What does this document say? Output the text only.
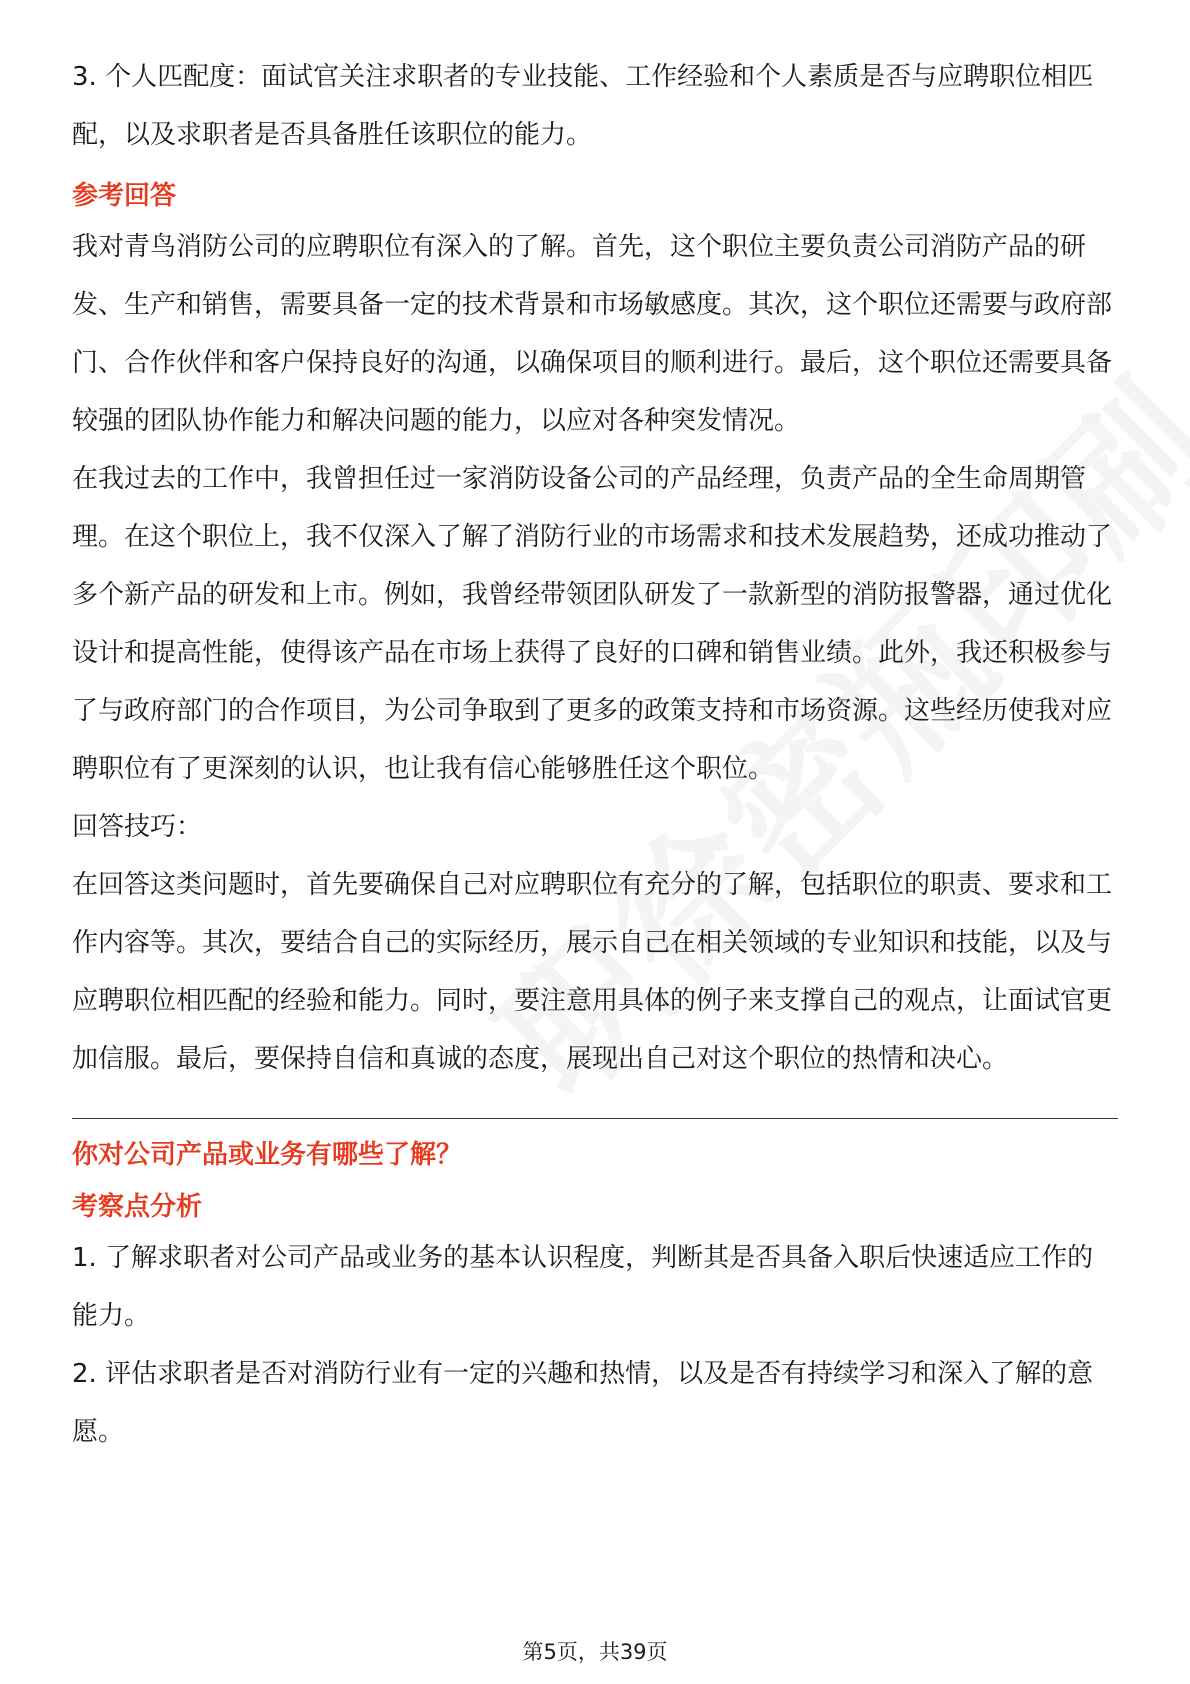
3. 个人匹配度：面试官关注求职者的专业技能、工作经验和个人素质是否与应聘职位相匹配，以及求职者是否具备胜任该职位的能力。

参考回答

我对青鸟消防公司的应聘职位有深入的了解。首先，这个职位主要负责公司消防产品的研发、生产和销售，需要具备一定的技术背景和市场敏感度。其次，这个职位还需要与政府部门、合作伙伴和客户保持良好的沟通，以确保项目的顺利进行。最后，这个职位还需要具备较强的团队协作能力和解决问题的能力，以应对各种突发情况。

在我过去的工作中，我曾担任过一家消防设备公司的产品经理，负责产品的全生命周期管理。在这个职位上，我不仅深入了解了消防行业的市场需求和技术发展趋势，还成功推动了多个新产品的研发和上市。例如，我曾经带领团队研发了一款新型的消防报警器，通过优化设计和提高性能，使得该产品在市场上获得了良好的口碑和销售业绩。此外，我还积极参与了与政府部门的合作项目，为公司争取到了更多的政策支持和市场资源。这些经历使我对应聘职位有了更深刻的认识，也让我有信心能够胜任这个职位。

回答技巧：

在回答这类问题时，首先要确保自己对应聘职位有充分的了解，包括职位的职责、要求和工作内容等。其次，要结合自己的实际经历，展示自己在相关领域的专业知识和技能，以及与应聘职位相匹配的经验和能力。同时，要注意用具体的例子来支撑自己的观点，让面试官更加信服。最后，要保持自信和真诚的态度，展现出自己对这个职位的热情和决心。

你对公司产品或业务有哪些了解？

考察点分析

1. 了解求职者对公司产品或业务的基本认识程度，判断其是否具备入职后快速适应工作的能力。

2. 评估求职者是否对消防行业有一定的兴趣和热情，以及是否有持续学习和深入了解的意愿。

第5页，共39页
